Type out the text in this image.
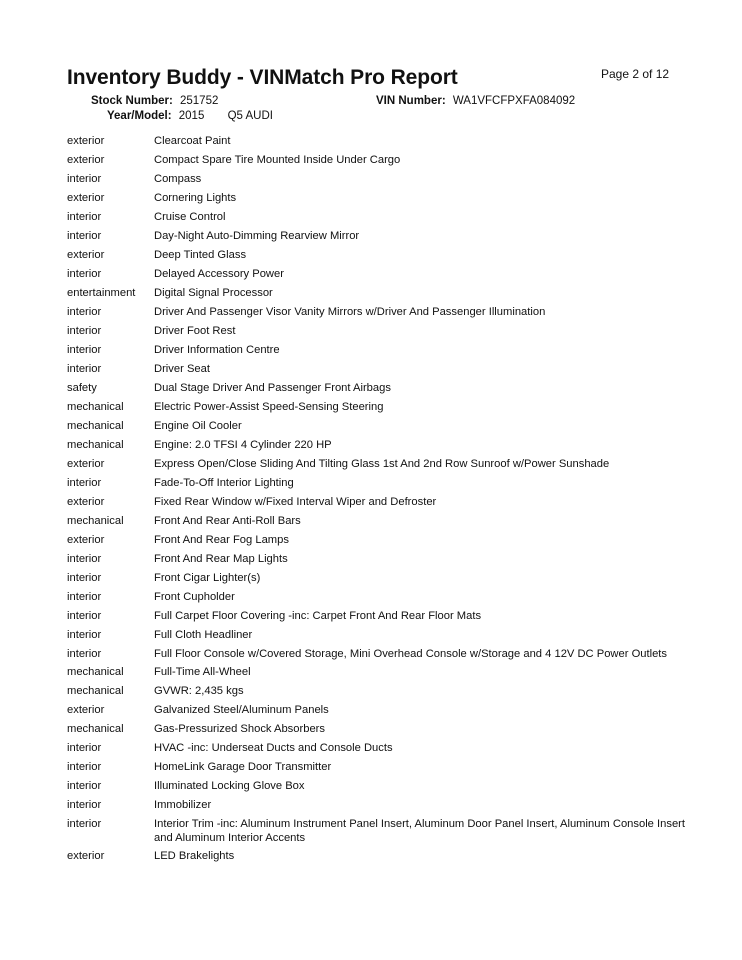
Inventory Buddy - VINMatch Pro Report	Page 2 of 12
Stock Number: 251752	VIN Number: WA1VFCFPXFA084092
Year/Model: 2015 Q5 AUDI
exterior	Clearcoat Paint
exterior	Compact Spare Tire Mounted Inside Under Cargo
interior	Compass
exterior	Cornering Lights
interior	Cruise Control
interior	Day-Night Auto-Dimming Rearview Mirror
exterior	Deep Tinted Glass
interior	Delayed Accessory Power
entertainment	Digital Signal Processor
interior	Driver And Passenger Visor Vanity Mirrors w/Driver And Passenger Illumination
interior	Driver Foot Rest
interior	Driver Information Centre
interior	Driver Seat
safety	Dual Stage Driver And Passenger Front Airbags
mechanical	Electric Power-Assist Speed-Sensing Steering
mechanical	Engine Oil Cooler
mechanical	Engine: 2.0 TFSI 4 Cylinder 220 HP
exterior	Express Open/Close Sliding And Tilting Glass 1st And 2nd Row Sunroof w/Power Sunshade
interior	Fade-To-Off Interior Lighting
exterior	Fixed Rear Window w/Fixed Interval Wiper and Defroster
mechanical	Front And Rear Anti-Roll Bars
exterior	Front And Rear Fog Lamps
interior	Front And Rear Map Lights
interior	Front Cigar Lighter(s)
interior	Front Cupholder
interior	Full Carpet Floor Covering -inc: Carpet Front And Rear Floor Mats
interior	Full Cloth Headliner
interior	Full Floor Console w/Covered Storage, Mini Overhead Console w/Storage and 4 12V DC Power Outlets
mechanical	Full-Time All-Wheel
mechanical	GVWR: 2,435 kgs
exterior	Galvanized Steel/Aluminum Panels
mechanical	Gas-Pressurized Shock Absorbers
interior	HVAC -inc: Underseat Ducts and Console Ducts
interior	HomeLink Garage Door Transmitter
interior	Illuminated Locking Glove Box
interior	Immobilizer
interior	Interior Trim -inc: Aluminum Instrument Panel Insert, Aluminum Door Panel Insert, Aluminum Console Insert and Aluminum Interior Accents
exterior	LED Brakelights
